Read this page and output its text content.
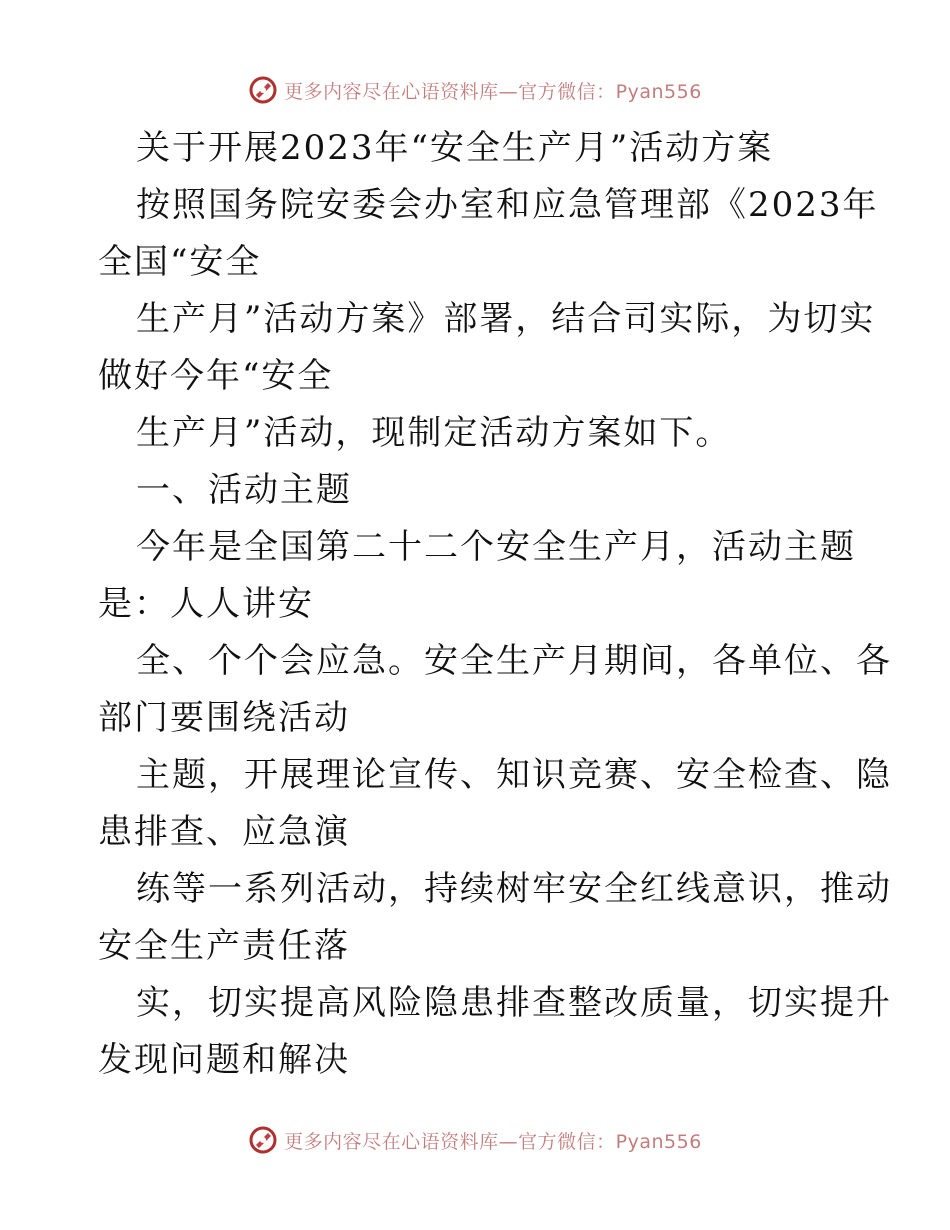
更多内容尽在心语资料库—官方微信：Pyan556
关于开展2023年“安全生产月”活动方案
按照国务院安委会办室和应急管理部《2023年
全国“安全
生产月”活动方案》部署，结合司实际，为切实
做好今年“安全
生产月”活动，现制定活动方案如下。
一、活动主题
今年是全国第二十二个安全生产月，活动主题
是：人人讲安
全、个个会应急。安全生产月期间，各单位、各
部门要围绕活动
主题，开展理论宣传、知识竞赛、安全检查、隐
患排查、应急演
练等一系列活动，持续树牢安全红线意识，推动
安全生产责任落
实，切实提高风险隐患排查整改质量，切实提升
发现问题和解决
更多内容尽在心语资料库—官方微信：Pyan556
